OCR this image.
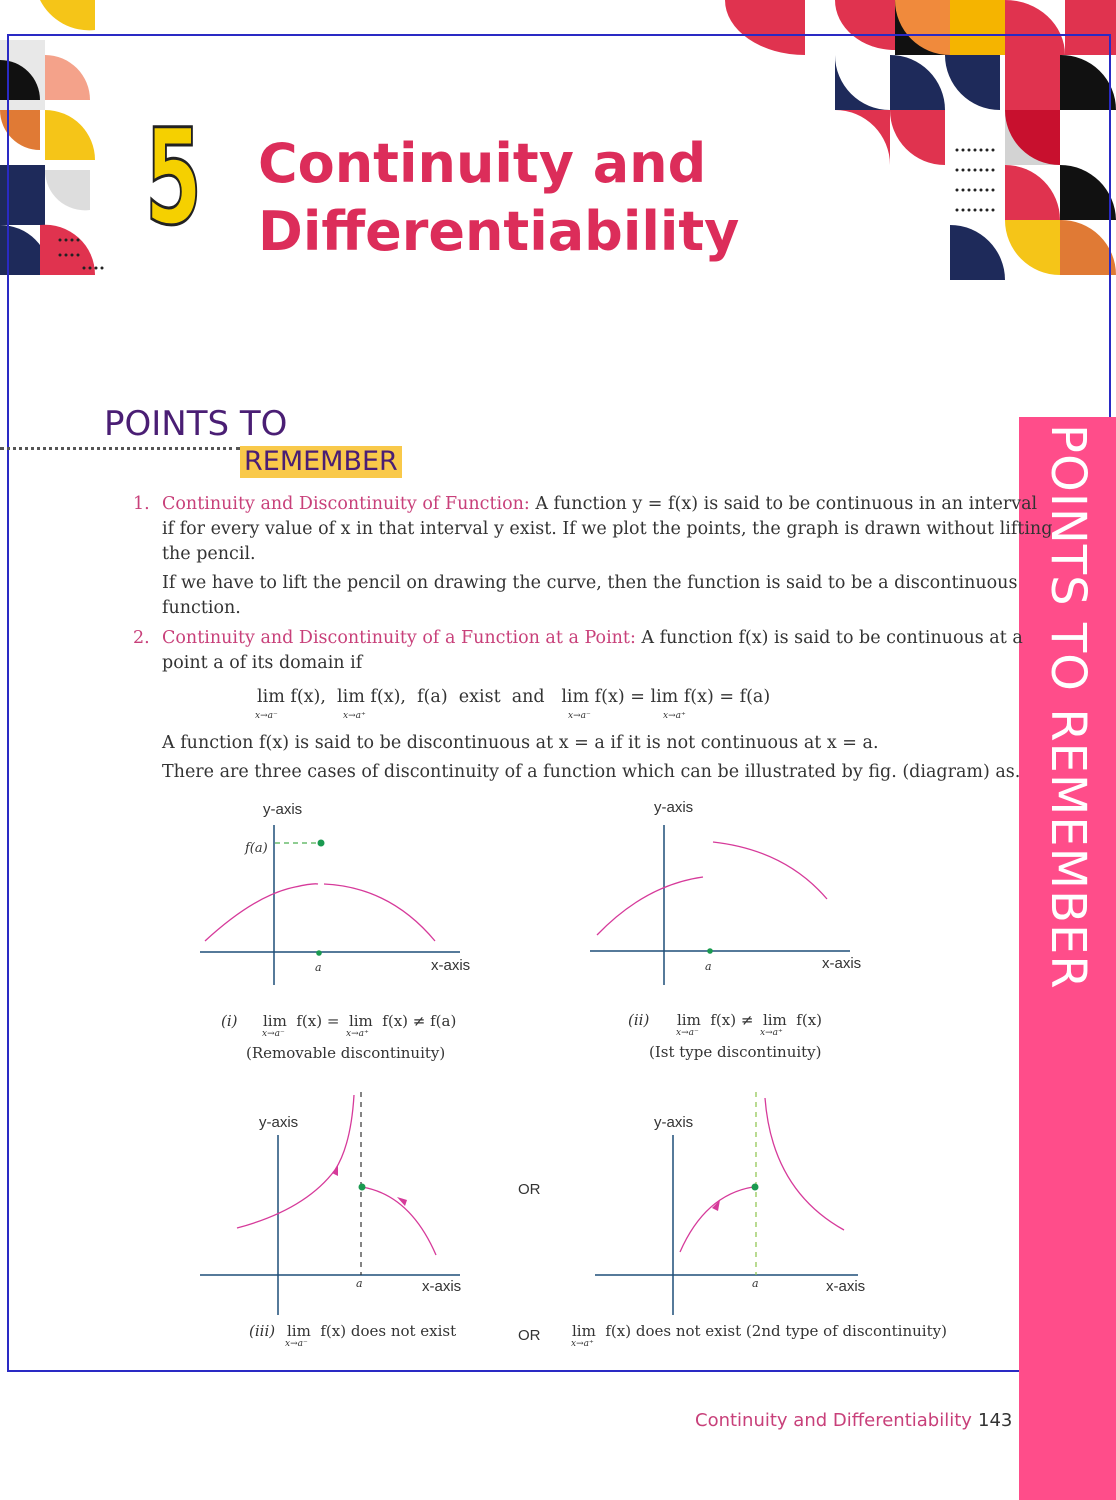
5 Continuity and
Differentiability
POINTS TO
REMEMBER	POINTS TO REMEMBER
1. Continuity and Discontinuity of Function: A function y = f(x) is said to be continuous in an interval
if for every value of x in that interval y exist. If we plot the points, the graph is drawn without lifting
the pencil.
If we have to lift the pencil on drawing the curve, then the function is said to be a discontinuous
function.
2. Continuity and Discontinuity of a Function at a Point: A function f(x) is said to be continuous at a
point a of its domain if
lim f(x),  lim f(x),  f(a)  exist  and   lim f(x) = lim f(x) = f(a)
x→a⁻	x→a⁺	x→a⁻	x→a⁺
A function f(x) is said to be discontinuous at x = a if it is not continuous at x = a.
There are three cases of discontinuity of a function which can be illustrated by fig. (diagram) as.
y-axis
x-axis
f(a)
a
(i) lim  f(x) =  lim  f(x) ≠ f(a)
x→a⁻	x→a⁺
(Removable discontinuity)
y-axis
x-axis
a
(ii) lim  f(x) ≠  lim  f(x)
x→a⁻	x→a⁺
(Ist type discontinuity)
y-axis
x-axis
a
OR
y-axis
x-axis
a
(iii) lim  f(x) does not exist
x→a⁻	OR lim  f(x) does not exist (2nd type of discontinuity)
x→a⁺
Continuity and Differentiability 143
